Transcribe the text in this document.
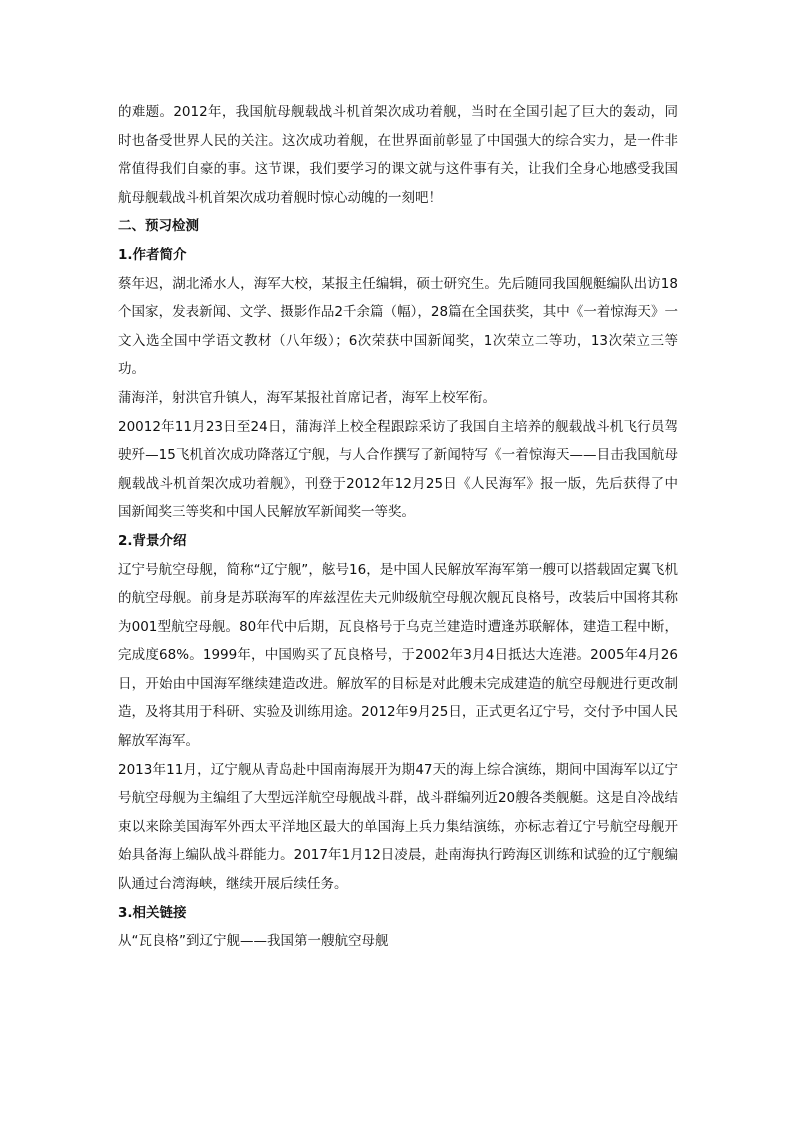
的难题。2012年，我国航母舰载战斗机首架次成功着舰，当时在全国引起了巨大的轰动，同时也备受世界人民的关注。这次成功着舰，在世界面前彰显了中国强大的综合实力，是一件非常值得我们自豪的事。这节课，我们要学习的课文就与这件事有关，让我们全身心地感受我国航母舰载战斗机首架次成功着舰时惊心动魄的一刻吧！

二、预习检测

1.作者简介

蔡年迟，湖北浠水人，海军大校，某报主任编辑，硕士研究生。先后随同我国舰艇编队出访18个国家，发表新闻、文学、摄影作品2千余篇（幅），28篇在全国获奖，其中《一着惊海天》一文入选全国中学语文教材（八年级）；6次荣获中国新闻奖，1次荣立二等功，13次荣立三等功。

蒲海洋，射洪官升镇人，海军某报社首席记者，海军上校军衔。

20012年11月23日至24日，蒲海洋上校全程跟踪采访了我国自主培养的舰载战斗机飞行员驾驶歼—15飞机首次成功降落辽宁舰，与人合作撰写了新闻特写《一着惊海天——目击我国航母舰载战斗机首架次成功着舰》，刊登于2012年12月25日《人民海军》报一版，先后获得了中国新闻奖三等奖和中国人民解放军新闻奖一等奖。

2.背景介绍

辽宁号航空母舰，简称“辽宁舰”，舷号16，是中国人民解放军海军第一艘可以搭载固定翼飞机的航空母舰。前身是苏联海军的库兹涅佐夫元帅级航空母舰次舰瓦良格号，改装后中国将其称为001型航空母舰。80年代中后期，瓦良格号于乌克兰建造时遭逢苏联解体，建造工程中断，完成度68%。1999年，中国购买了瓦良格号，于2002年3月4日抵达大连港。2005年4月26日，开始由中国海军继续建造改进。解放军的目标是对此艘未完成建造的航空母舰进行更改制造，及将其用于科研、实验及训练用途。2012年9月25日，正式更名辽宁号，交付予中国人民解放军海军。

2013年11月，辽宁舰从青岛赴中国南海展开为期47天的海上综合演练，期间中国海军以辽宁号航空母舰为主编组了大型远洋航空母舰战斗群，战斗群编列近20艘各类舰艇。这是自冷战结束以来除美国海军外西太平洋地区最大的单国海上兵力集结演练，亦标志着辽宁号航空母舰开始具备海上编队战斗群能力。2017年1月12日凌晨，赴南海执行跨海区训练和试验的辽宁舰编队通过台湾海峡，继续开展后续任务。

3.相关链接

从“瓦良格”到辽宁舰——我国第一艘航空母舰
